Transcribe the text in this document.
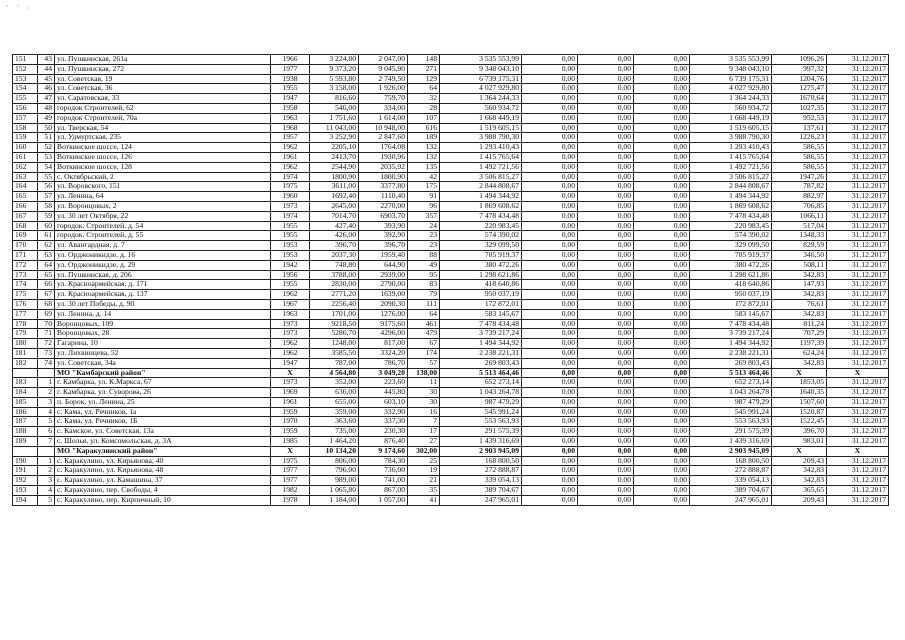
` ` ·
151	43	ул. Пушкинская, 261а	1966	3 224,80	2 047,00	148	3 535 553,99	0,00	0,00	0,00	3 535 553,99	1096,26	31.12.2017
152	44	ул. Пушкинская, 272	1977	9 373,20	9 045,90	271	9 348 043,10	0,00	0,00	0,00	9 348 043,10	997,32	31.12.2017
153	45	ул. Советская, 19	1938	5 593,80	2 749,50	129	6 739 175,31	0,00	0,00	0,00	6 739 175,31	1204,76	31.12.2017
154	46	ул. Советская, 36	1955	3 158,00	1 926,00	64	4 027 929,80	0,00	0,00	0,00	4 027 929,80	1275,47	31.12.2017
155	47	ул. Саратовская, 33	1947	816,60	759,70	32	1 364 244,33	0,00	0,00	0,00	1 364 244,33	1670,64	31.12.2017
156	48	городок Строителей, 62	1958	546,00	334,00	28	560 934,72	0,00	0,00	0,00	560 934,72	1027,35	31.12.2017
157	49	городок Строителей, 70а	1963	1 751,60	1 614,00	107	1 668 449,19	0,00	0,00	0,00	1 668 449,19	952,53	31.12.2017
158	50	ул. Тверская, 54	1968	11 043,00	10 948,00	616	1 519 605,15	0,00	0,00	0,00	1 519 605,15	137,61	31.12.2017
159	51	ул. Удмуртская, 235	1957	3 252,90	2 847,60	189	3 988 790,30	0,00	0,00	0,00	3 988 790,30	1226,23	31.12.2017
160	52	Воткинское шоссе, 124	1962	2205,10	1764,08	132	1 293 410,43	0,00	0,00	0,00	1 293 410,43	586,55	31.12.2017
161	53	Воткинское шоссе, 126	1961	2413,70	1930,96	132	1 415 765,64	0,00	0,00	0,00	1 415 765,64	586,55	31.12.2017
162	54	Воткинское шоссе, 128	1962	2544,90	2035,92	135	1 492 721,56	0,00	0,00	0,00	1 492 721,56	586,55	31.12.2017
163	55	с. Октябрьский, 2	1974	1800,90	1800,90	42	3 506 815,27	0,00	0,00	0,00	3 506 815,27	1947,26	31.12.2017
164	56	ул. Воровского, 151	1975	3611,00	3377,80	175	2 844 808,67	0,00	0,00	0,00	2 844 808,67	787,82	31.12.2017
165	57	ул. Ленина, 64	1960	1692,40	1110,40	91	1 494 344,92	0,00	0,00	0,00	1 494 344,92	882,97	31.12.2017
166	58	ул. Воронцовых, 2	1973	2645,00	2270,00	96	1 869 608,62	0,00	0,00	0,00	1 869 608,62	706,85	31.12.2017
167	59	ул. 30 лет Октября, 22	1974	7014,70	6903,70	357	7 478 434,48	0,00	0,00	0,00	7 478 434,48	1066,11	31.12.2017
168	60	городок. Строителей, д. 54	1955	427,40	393,90	24	220 983,45	0,00	0,00	0,00	220 983,45	517,04	31.12.2017
169	61	городок. Строителей, д. 55	1955	426,00	392,90	23	574 390,02	0,00	0,00	0,00	574 390,02	1348,33	31.12.2017
170	62	ул. Авангардная, д. 7	1953	396,70	396,70	23	329 099,50	0,00	0,00	0,00	329 099,50	829,59	31.12.2017
171	63	ул. Орджоникидзе, д. 16	1953	2037,30	1959,40	88	705 919,37	0,00	0,00	0,00	705 919,37	346,50	31.12.2017
172	64	ул. Орджоникидзе, д. 29	1942	748,80	644,90	49	380 472,26	0,00	0,00	0,00	380 472,26	508,11	31.12.2017
173	65	ул. Пушкинская, д. 206	1956	3788,00	2939,00	95	1 298 621,86	0,00	0,00	0,00	1 298 621,86	342,83	31.12.2017
174	66	ул. Красноармейская, д. 171	1955	2830,00	2790,00	83	418 640,86	0,00	0,00	0,00	418 640,86	147,93	31.12.2017
175	67	ул. Красноармейская, д. 137	1962	2771,20	1639,00	79	950 037,19	0,00	0,00	0,00	950 037,19	342,83	31.12.2017
176	68	ул. 30 лет Победы, д. 90	1967	2256,40	2090,30	111	172 872,01	0,00	0,00	0,00	172 872,01	76,61	31.12.2017
177	69	ул. Ленина, д. 14	1963	1701,00	1276,00	64	583 145,67	0,00	0,00	0,00	583 145,67	342,83	31.12.2017
178	70	Воронцовых, 109	1973	9218,50	9175,60	461	7 478 434,48	0,00	0,00	0,00	7 478 434,48	811,24	31.12.2017
179	71	Воронцовых, 28	1973	5286,70	4296,00	479	3 739 217,24	0,00	0,00	0,00	3 739 217,24	707,29	31.12.2017
180	72	Гагарина, 10	1962	1248,00	817,00	67	1 494 344,92	0,00	0,00	0,00	1 494 344,92	1197,39	31.12.2017
181	73	ул. Лихвинцева, 52	1962	3585,50	3324,20	174	2 238 221,31	0,00	0,00	0,00	2 238 221,31	624,24	31.12.2017
182	74	ул. Советская, 34а	1947	787,00	786,70	57	269 803,43	0,00	0,00	0,00	269 803,43	342,83	31.12.2017
		МО "Камбарский район"	Х	4 564,80	3 049,20	138,00	5 513 464,46	0,00	0,00	0,00	5 513 464,46	Х	Х
183	1	г. Камбарка, ул. К.Маркса, 67	1973	352,00	223,60	11	652 273,14	0,00	0,00	0,00	652 273,14	1853,05	31.12.2017
184	2	г. Камбарка, ул. Суворова, 26	1969	636,00	445,80	30	1 043 264,78	0,00	0,00	0,00	1 043 264,78	1640,35	31.12.2017
185	3	п. Борок, ул. Ленина, 25	1961	655,00	603,10	30	987 479,29	0,00	0,00	0,00	987 479,29	1507,60	31.12.2017
186	4	с. Кама, ул. Речников, 1а	1959	359,00	332,90	16	545 991,24	0,00	0,00	0,00	545 991,24	1520,87	31.12.2017
187	5	с. Кама, ул. Речников, 1Б	1970	363,60	337,30	7	553 563,93	0,00	0,00	0,00	553 563,93	1522,45	31.12.2017
188	6	с. Камское, ул. Советская, 13а	1959	735,00	230,30	17	291 575,39	0,00	0,00	0,00	291 575,39	396,70	31.12.2017
189	7	с. Шолья, ул. Комсомольская, д. 3А	1985	1 464,20	876,40	27	1 439 316,69	0,00	0,00	0,00	1 439 316,69	983,01	31.12.2017
		МО "Каракулинский район"	Х	10 134,20	9 174,60	302,00	2 903 945,09	0,00	0,00	0,00	2 903 945,09	Х	Х
190	1	с. Каракулино, ул. Кирьянова, 40	1975	806,00	784,30	25	168 800,50	0,00	0,00	0,00	168 800,50	209,43	31.12.2017
191	2	с. Каракулино, ул. Кирьянова, 48	1977	796,00	736,00	19	272 888,87	0,00	0,00	0,00	272 888,87	342,83	31.12.2017
192	3	с. Каракулино, ул. Камашина, 37	1977	989,00	741,00	21	339 054,13	0,00	0,00	0,00	339 054,13	342,83	31.12.2017
193	4	с. Каракулино, пер. Свободы, 4	1982	1 065,80	867,00	35	389 704,67	0,00	0,00	0,00	389 704,67	365,65	31.12.2017
194	5	с. Каракулино, пер. Кирпичный, 10	1978	1 184,00	1 057,00	41	247 965,01	0,00	0,00	0,00	247 965,01	209,43	31.12.2017
